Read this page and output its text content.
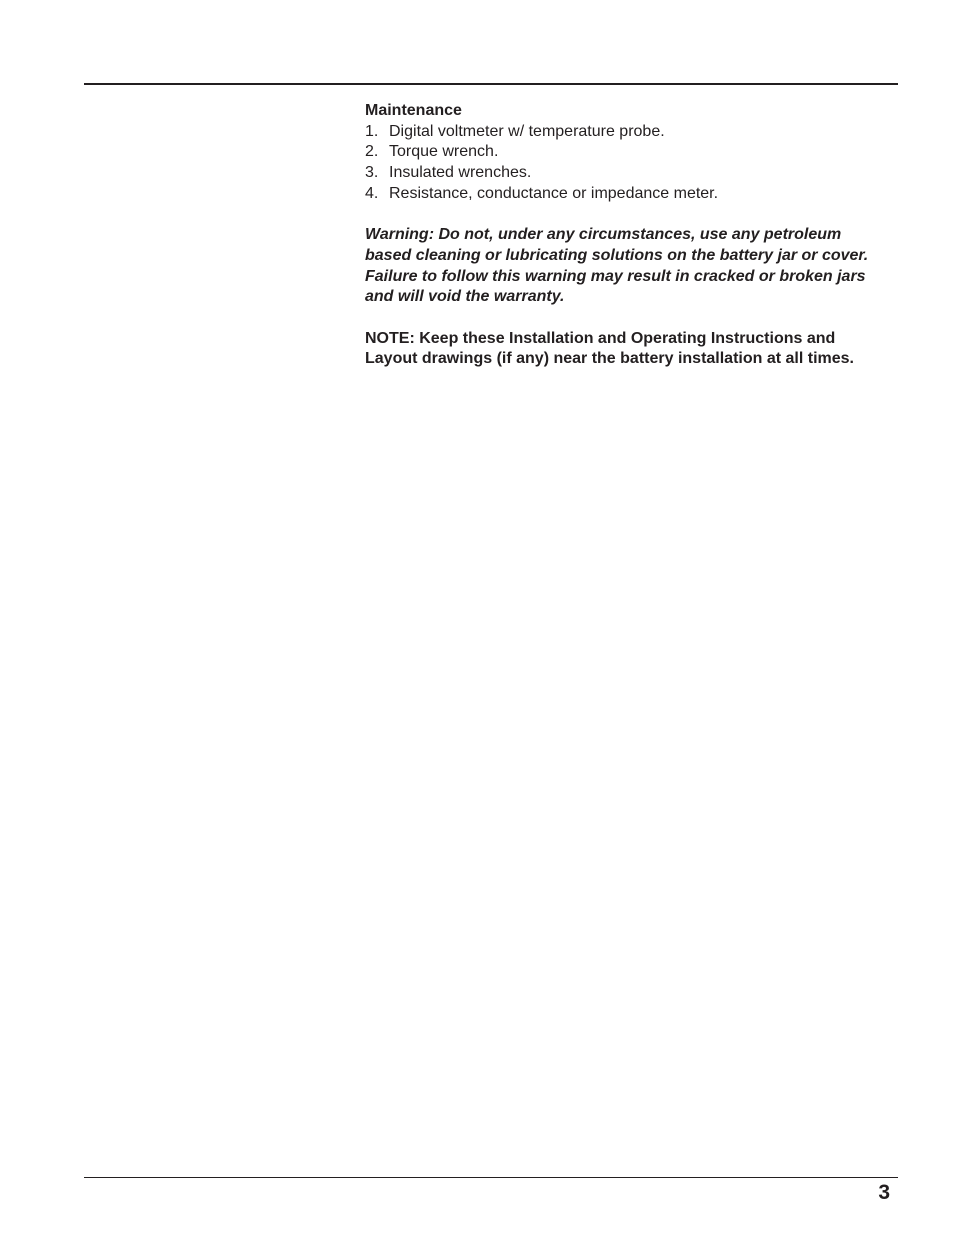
Maintenance

1. Digital voltmeter w/ temperature probe.
2. Torque wrench.
3. Insulated wrenches.
4. Resistance, conductance or impedance meter.

Warning: Do not, under any circumstances, use any petroleum
based cleaning or lubricating solutions on the battery jar or cover.
Failure to follow this warning may result in cracked or broken jars
and will void the warranty.

NOTE: Keep these Installation and Operating Instructions and
Layout drawings (if any) near the battery installation at all times.

3
